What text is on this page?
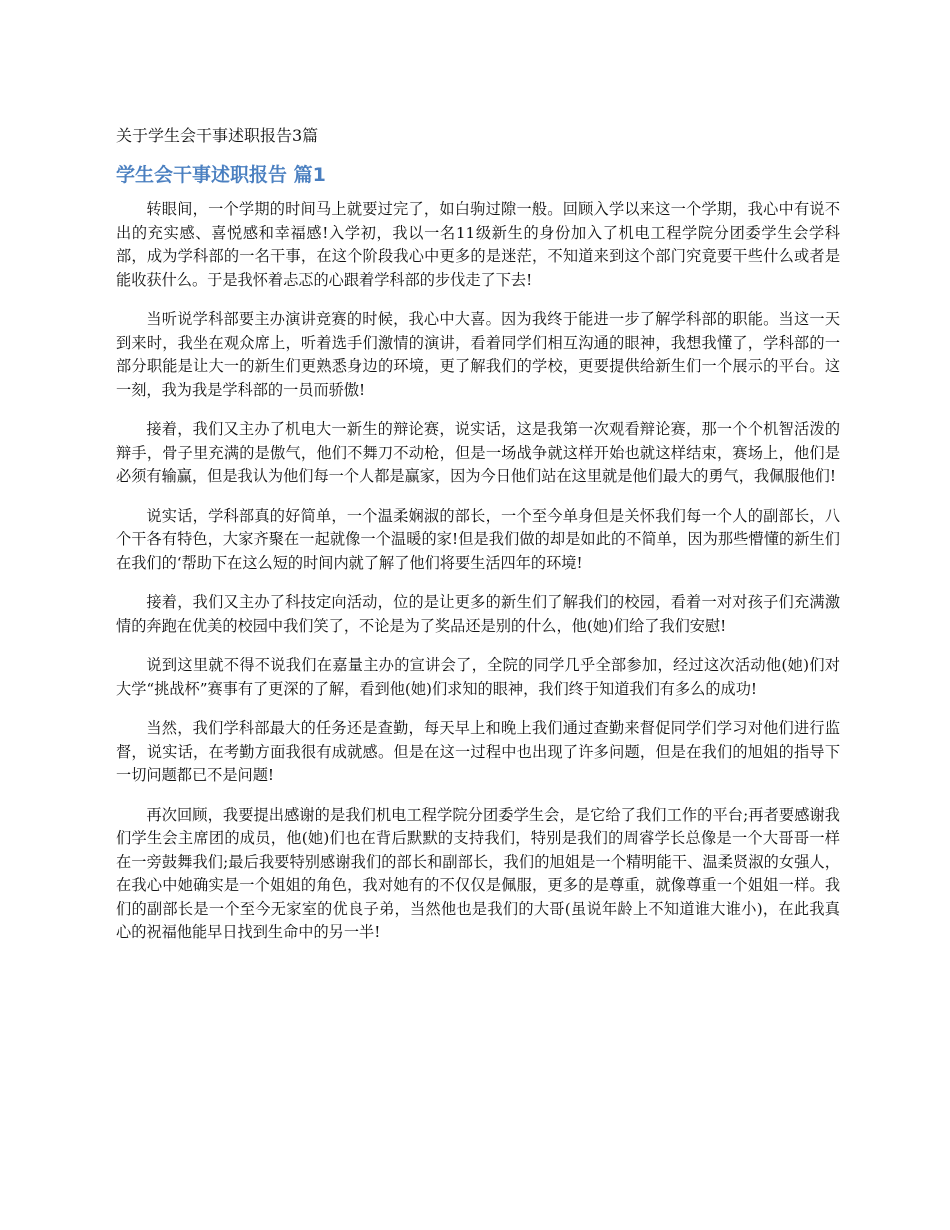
关于学生会干事述职报告3篇
学生会干事述职报告 篇1

转眼间，一个学期的时间马上就要过完了，如白驹过隙一般。回顾入学以来这一个学期，我心中有说不出的充实感、喜悦感和幸福感!入学初，我以一名11级新生的身份加入了机电工程学院分团委学生会学科部，成为学科部的一名干事，在这个阶段我心中更多的是迷茫，不知道来到这个部门究竟要干些什么或者是能收获什么。于是我怀着忐忑的心跟着学科部的步伐走了下去!

当听说学科部要主办演讲竞赛的时候，我心中大喜。因为我终于能进一步了解学科部的职能。当这一天到来时，我坐在观众席上，听着选手们激情的演讲，看着同学们相互沟通的眼神，我想我懂了，学科部的一部分职能是让大一的新生们更熟悉身边的环境，更了解我们的学校，更要提供给新生们一个展示的平台。这一刻，我为我是学科部的一员而骄傲!

接着，我们又主办了机电大一新生的辩论赛，说实话，这是我第一次观看辩论赛，那一个个机智活泼的辩手，骨子里充满的是傲气，他们不舞刀不动枪，但是一场战争就这样开始也就这样结束，赛场上，他们是必须有输赢，但是我认为他们每一个人都是赢家，因为今日他们站在这里就是他们最大的勇气，我佩服他们!

说实话，学科部真的好简单，一个温柔娴淑的部长，一个至今单身但是关怀我们每一个人的副部长，八个干各有特色，大家齐聚在一起就像一个温暖的家!但是我们做的却是如此的不简单，因为那些懵懂的新生们在我们的‘帮助下在这么短的时间内就了解了他们将要生活四年的环境!

接着，我们又主办了科技定向活动，位的是让更多的新生们了解我们的校园，看着一对对孩子们充满激情的奔跑在优美的校园中我们笑了，不论是为了奖品还是别的什么，他(她)们给了我们安慰!

说到这里就不得不说我们在嘉量主办的宣讲会了，全院的同学几乎全部参加，经过这次活动他(她)们对大学“挑战杯”赛事有了更深的了解，看到他(她)们求知的眼神，我们终于知道我们有多么的成功!

当然，我们学科部最大的任务还是查勤，每天早上和晚上我们通过查勤来督促同学们学习对他们进行监督，说实话，在考勤方面我很有成就感。但是在这一过程中也出现了许多问题，但是在我们的旭姐的指导下一切问题都已不是问题!

再次回顾，我要提出感谢的是我们机电工程学院分团委学生会，是它给了我们工作的平台;再者要感谢我们学生会主席团的成员，他(她)们也在背后默默的支持我们，特别是我们的周睿学长总像是一个大哥哥一样在一旁鼓舞我们;最后我要特别感谢我们的部长和副部长，我们的旭姐是一个精明能干、温柔贤淑的女强人，在我心中她确实是一个姐姐的角色，我对她有的不仅仅是佩服，更多的是尊重，就像尊重一个姐姐一样。我们的副部长是一个至今无家室的优良子弟，当然他也是我们的大哥(虽说年龄上不知道谁大谁小)，在此我真心的祝福他能早日找到生命中的另一半!
